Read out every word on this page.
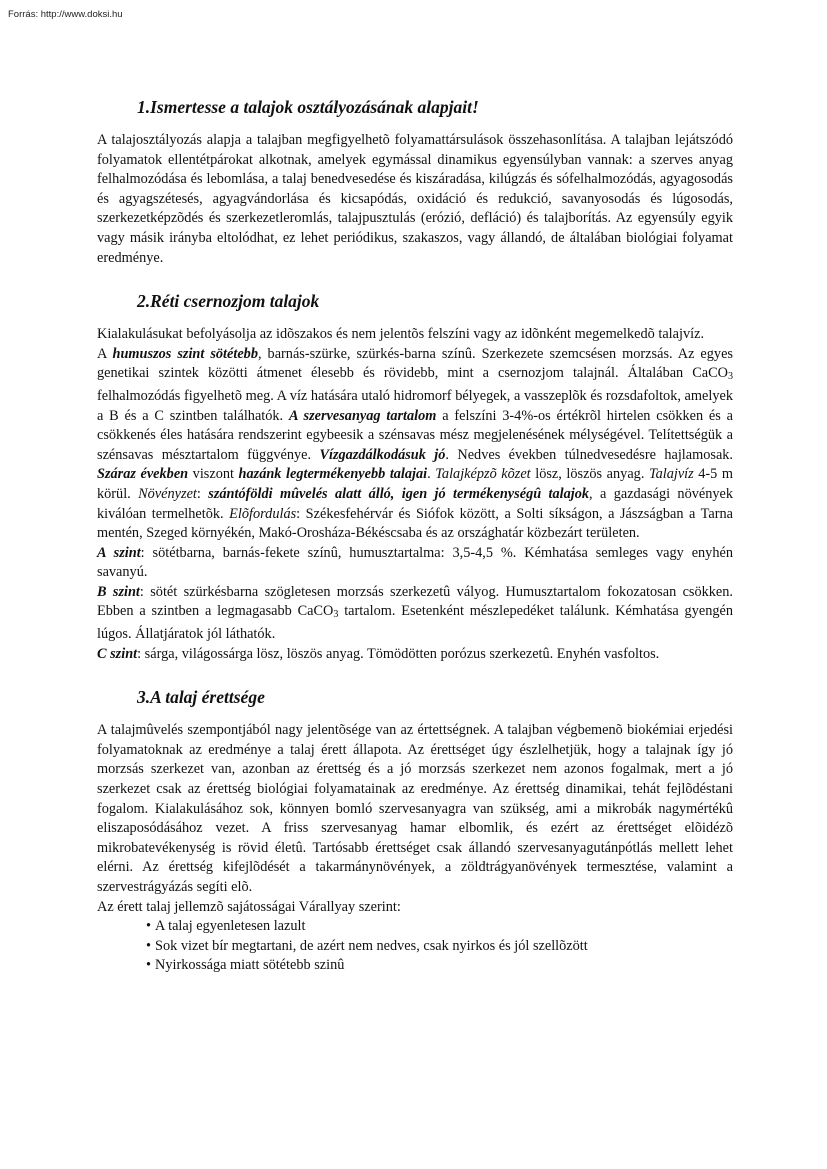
Forrás: http://www.doksi.hu
1.Ismertesse a talajok osztályozásának alapjait!

A talajosztályozás alapja a talajban megfigyelhetõ folyamattársulások összehasonlítása. A talajban lejátszódó folyamatok ellentétpárokat alkotnak, amelyek egymással dinamikus egyensúlyban vannak: a szerves anyag felhalmozódása és lebomlása, a talaj benedvesedése és kiszáradása, kilúgzás és sófelhalmozódás, agyagosodás és agyagszétesés, agyagvándorlása és kicsapódás, oxidáció és redukció, savanyosodás és lúgosodás, szerkezetképzõdés és szerkezetleromlás, talajpusztulás (erózió, defláció) és talajborítás. Az egyensúly egyik vagy másik irányba eltolódhat, ez lehet periódikus, szakaszos, vagy állandó, de általában biológiai folyamat eredménye.

2.Réti csernozjom talajok

Kialakulásukat befolyásolja az idõszakos és nem jelentõs felszíni vagy az idõnként megemelkedõ talajvíz.

A humuszos szint sötétebb, barnás-szürke, szürkés-barna színû. Szerkezete szemcsésen morzsás. Az egyes genetikai szintek közötti átmenet élesebb és rövidebb, mint a csernozjom talajnál. Általában CaCO$_3$ felhalmozódás figyelhetõ meg. A víz hatására utaló hidromorf bélyegek, a vasszeplõk és rozsdafoltok, amelyek a B és a C szintben találhatók. A szervesanyag tartalom a felszíni 3-4%-os értékrõl hirtelen csökken és a csökkenés éles hatására rendszerint egybeesik a szénsavas mész megjelenésének mélységével. Telítettségük a szénsavas mésztartalom függvénye. Vízgazdálkodásuk jó. Nedves években túlnedvesedésre hajlamosak. Száraz években viszont hazánk legtermékenyebb talajai. Talajképzõ kõzet lösz, löszös anyag. Talajvíz 4-5 m körül. Növényzet: szántóföldi mûvelés alatt álló, igen jó termékenységû talajok, a gazdasági növények kiválóan termelhetõk. Elõfordulás: Székesfehérvár és Siófok között, a Solti síkságon, a Jászságban a Tarna mentén, Szeged környékén, Makó-Orosháza-Békéscsaba és az országhatár közbezárt területen.

A szint: sötétbarna, barnás-fekete színû, humusztartalma: 3,5-4,5 %. Kémhatása semleges vagy enyhén savanyú.

B szint: sötét szürkésbarna szögletesen morzsás szerkezetû vályog. Humusztartalom fokozatosan csökken. Ebben a szintben a legmagasabb CaCO$_3$ tartalom. Esetenként mészlepedéket találunk. Kémhatása gyengén lúgos. Állatjáratok jól láthatók.

C szint: sárga, világossárga lösz, löszös anyag. Tömödötten porózus szerkezetû. Enyhén vasfoltos.

3.A talaj érettsége

A talajmûvelés szempontjából nagy jelentõsége van az értettségnek. A talajban végbemenõ biokémiai erjedési folyamatoknak az eredménye a talaj érett állapota. Az érettséget úgy észlelhetjük, hogy a talajnak így jó morzsás szerkezet van, azonban az érettség és a jó morzsás szerkezet nem azonos fogalmak, mert a jó szerkezet csak az érettség biológiai folyamatainak az eredménye. Az érettség dinamikai, tehát fejlõdéstani fogalom. Kialakulásához sok, könnyen bomló szervesanyagra van szükség, ami a mikrobák nagymértékû eliszaposódásához vezet. A friss szervesanyag hamar elbomlik, és ezért az érettséget elõidézõ mikrobatevékenység is rövid életû. Tartósabb érettséget csak állandó szervesanyagutánpótlás mellett lehet elérni. Az érettség kifejlõdését a takarmánynövények, a zöldtrágyanövények termesztése, valamint a szervestrágyázás segíti elõ.

Az érett talaj jellemzõ sajátosságai Várallyay szerint:

• A talaj egyenletesen lazult
• Sok vizet bír megtartani, de azért nem nedves, csak nyirkos és jól szellõzött
• Nyirkossága miatt sötétebb szinû
